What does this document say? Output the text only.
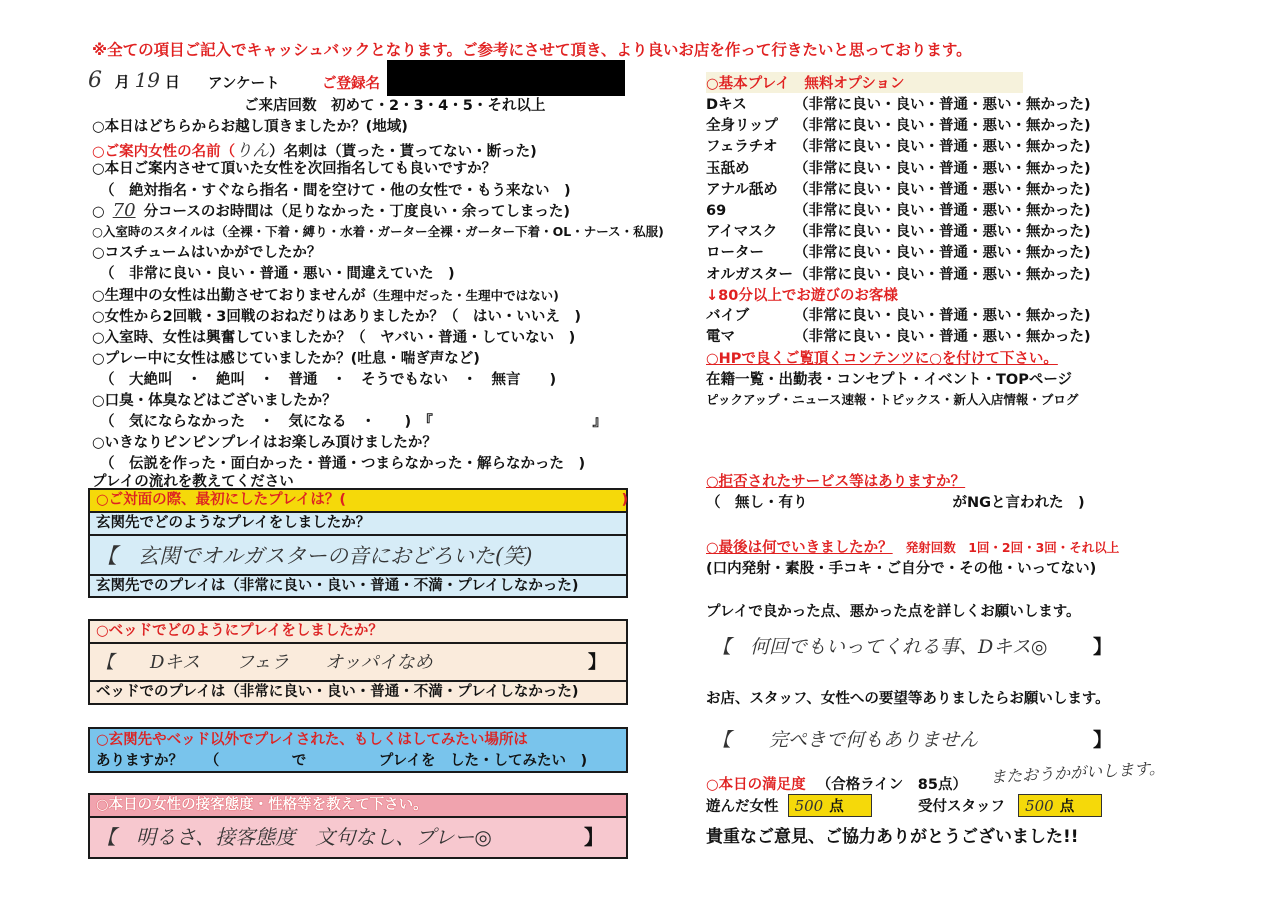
※全ての項目ご記入でキャッシュバックとなります。ご参考にさせて頂き、より良いお店を作って行きたいと思っております。
6 月 19 日 アンケート	ご登録名
ご来店回数　初めて・2・3・4・5・それ以上
○本日はどちらからお越し頂きましたか？(地域)
○ご案内女性の名前（りん）名刺は（貰った・貰ってない・断った)
○本日ご案内させて頂いた女性を次回指名しても良いですか？
（　絶対指名・すぐなら指名・間を空けて・他の女性で・もう来ない　)
○ 70 分コースのお時間は（足りなかった・丁度良い・余ってしまった)
○入室時のスタイルは（全裸・下着・縛り・水着・ガーター全裸・ガーター下着・OL・ナース・私服)
○コスチュームはいかがでしたか？
（　非常に良い・良い・普通・悪い・間違えていた　)
○生理中の女性は出勤させておりませんが（生理中だった・生理中ではない)
○女性から2回戦・3回戦のおねだりはありましたか？（　はい・いいえ　)
○入室時、女性は興奮していましたか？（　ヤバい・普通・していない　)
○プレー中に女性は感じていましたか？(吐息・喘ぎ声など)
（　大絶叫　・　絶叫　・　普通　・　そうでもない　・　無言　　)
○口臭・体臭などはございましたか？
（　気にならなかった　・　気になる　・　　)　『　　　　　　　　　　　』
○いきなりピンピンプレイはお楽しみ頂けましたか？
（　伝説を作った・面白かった・普通・つまらなかった・解らなかった　)
プレイの流れを教えてください
○ご対面の際、最初にしたプレイは？(　　　　　　　　　　　　　　　　　　　)
玄関先でどのようなプレイをしましたか？
【　玄関でオルガスターの音におどろいた(笑)
玄関先でのプレイは（非常に良い・良い・普通・不満・プレイしなかった)
○ベッドでどのようにプレイをしましたか？
【　　Dキス　　フェラ　　オッパイなめ	】
ベッドでのプレイは（非常に良い・良い・普通・不満・プレイしなかった)
○玄関先やベッド以外でプレイされた、もしくはしてみたい場所は
ありますか？　　（　　　　　で　　　　　プレイを　した・してみたい　)
○本日の女性の接客態度・性格等を教えて下さい。
【　明るさ、接客態度　文句なし、プレー◎	】
○基本プレイ　無料オプション
Dキス	（非常に良い・良い・普通・悪い・無かった)
全身リップ （非常に良い・良い・普通・悪い・無かった)
フェラチオ （非常に良い・良い・普通・悪い・無かった)
玉舐め	（非常に良い・良い・普通・悪い・無かった)
アナル舐め （非常に良い・良い・普通・悪い・無かった)
69	（非常に良い・良い・普通・悪い・無かった)
アイマスク （非常に良い・良い・普通・悪い・無かった)
ローター （非常に良い・良い・普通・悪い・無かった)
オルガスター（非常に良い・良い・普通・悪い・無かった)
↓80分以上でお遊びのお客様
バイブ	（非常に良い・良い・普通・悪い・無かった)
電マ	（非常に良い・良い・普通・悪い・無かった)
○HPで良くご覧頂くコンテンツに○を付けて下さい。
在籍一覧・出勤表・コンセプト・イベント・TOPページ
ピックアップ・ニュース速報・トピックス・新人入店情報・ブログ
○拒否されたサービス等はありますか？
（　無し・有り　　　　　　　　　　がNGと言われた　)
○最後は何でいきましたか？ 発射回数　1回・2回・3回・それ以上
(口内発射・素股・手コキ・ご自分で・その他・いってない)
プレイで良かった点、悪かった点を詳しくお願いします。
【　何回でもいってくれる事、Dキス◎ 】
お店、スタッフ、女性への要望等ありましたらお願いします。
【　　完ぺきで何もありません	】
またおうかがいします。
○本日の満足度 （合格ライン　85点）
遊んだ女性 500 点	受付スタッフ 500 点
貴重なご意見、ご協力ありがとうございました!!
